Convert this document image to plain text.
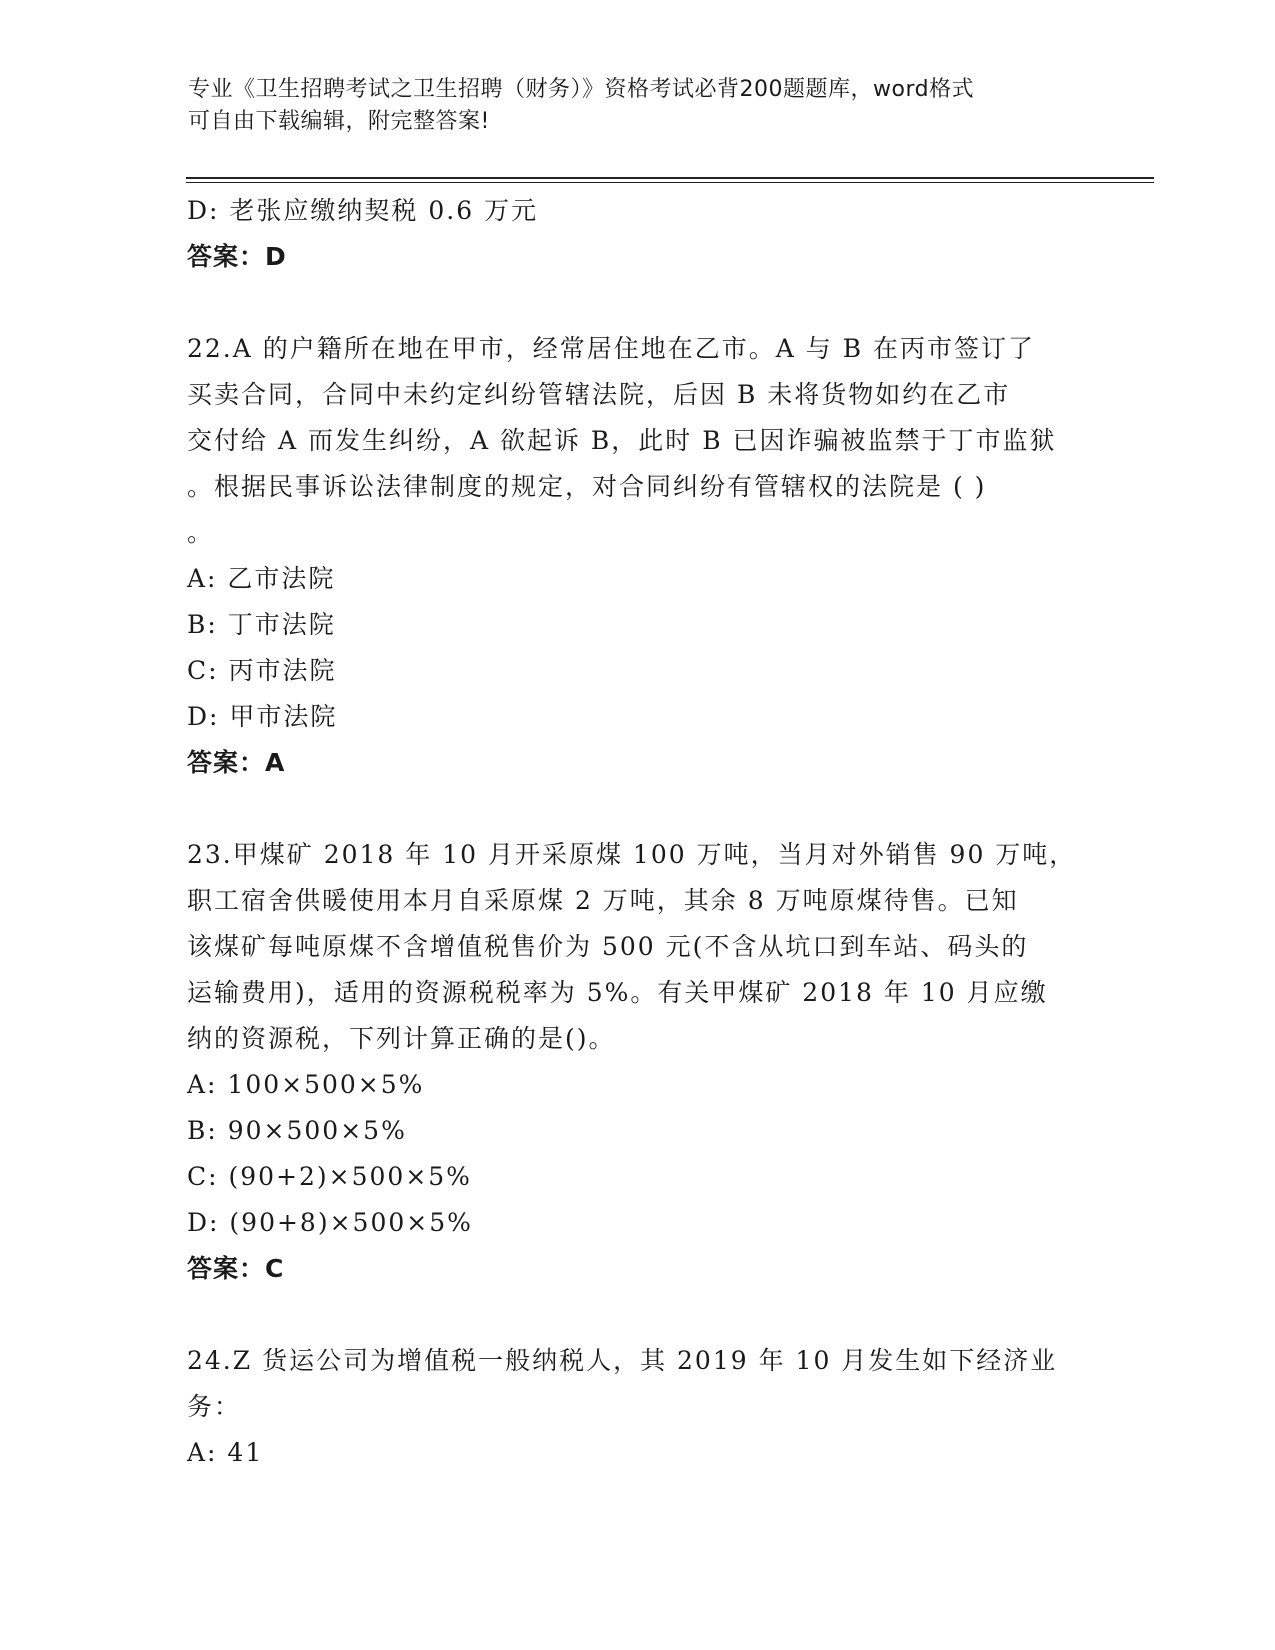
专业《卫生招聘考试之卫生招聘（财务）》资格考试必背200题题库，word格式
可自由下载编辑，附完整答案!
D: 老张应缴纳契税 0.6 万元
答案：D
22.A 的户籍所在地在甲市，经常居住地在乙市。A 与 B 在丙市签订了
买卖合同，合同中未约定纠纷管辖法院，后因 B 未将货物如约在乙市
交付给 A 而发生纠纷，A 欲起诉 B，此时 B 已因诈骗被监禁于丁市监狱
。根据民事诉讼法律制度的规定，对合同纠纷有管辖权的法院是 ( )
。
A: 乙市法院
B: 丁市法院
C: 丙市法院
D: 甲市法院
答案：A
23.甲煤矿 2018 年 10 月开采原煤 100 万吨，当月对外销售 90 万吨，
职工宿舍供暖使用本月自采原煤 2 万吨，其余 8 万吨原煤待售。已知
该煤矿每吨原煤不含增值税售价为 500 元(不含从坑口到车站、码头的
运输费用)，适用的资源税税率为 5%。有关甲煤矿 2018 年 10 月应缴
纳的资源税，下列计算正确的是()。
A: 100×500×5%
B: 90×500×5%
C: (90+2)×500×5%
D: (90+8)×500×5%
答案：C
24.Z 货运公司为增值税一般纳税人，其 2019 年 10 月发生如下经济业
务：
A: 41
